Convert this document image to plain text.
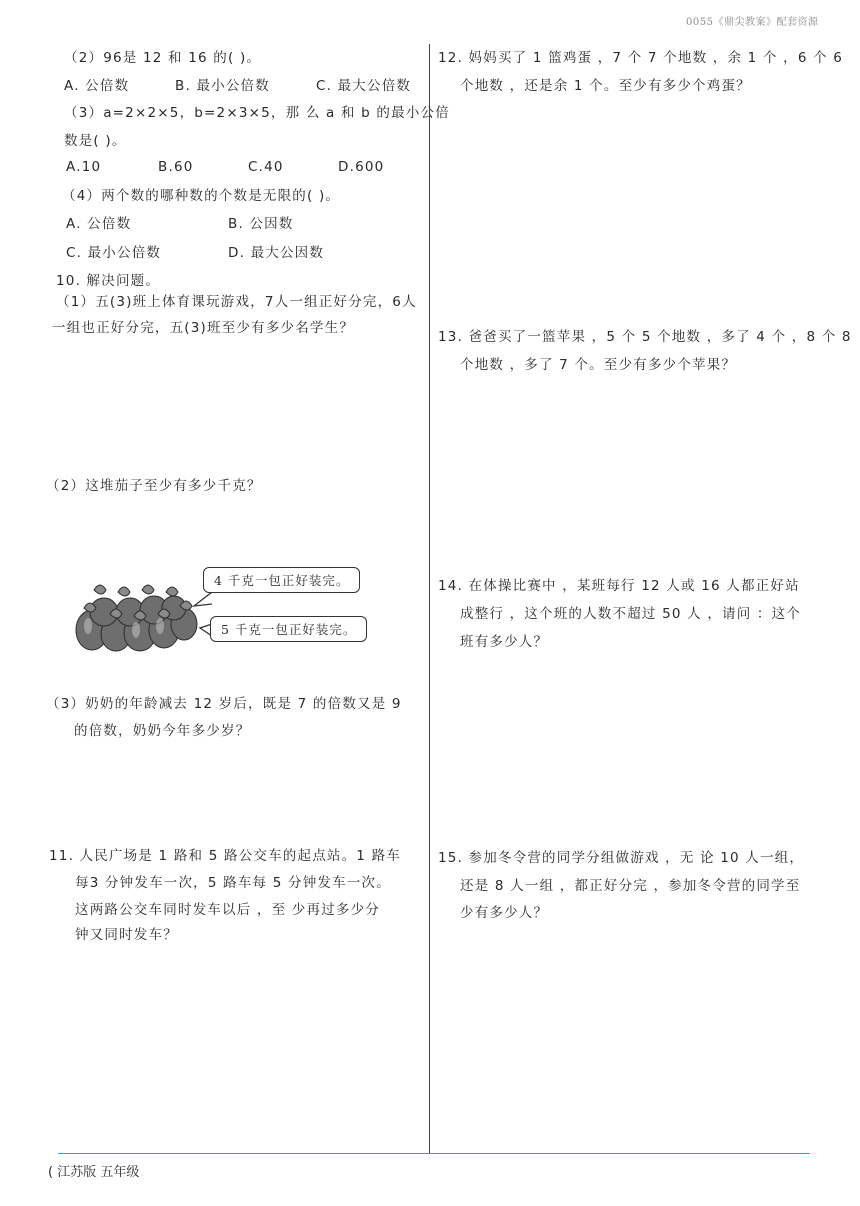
0055《鼎尖教案》配套资源
（2）96是 12 和 16 的( )。
A. 公倍数	B. 最小公倍数	C. 最大公倍数
（3）a=2×2×5，b=2×3×5，那 么 a 和 b 的最小公倍
数是( )。
A.10	B.60	C.40	D.600
（4）两个数的哪种数的个数是无限的( )。
A. 公倍数	B. 公因数
C. 最小公倍数	D. 最大公因数
10. 解决问题。
（1）五(3)班上体育课玩游戏，7人一组正好分完，6人
一组也正好分完，五(3)班至少有多少名学生？
（2）这堆茄子至少有多少千克？
4 千克一包正好装完。
5 千克一包正好装完。
（3）奶奶的年龄减去 12 岁后，既是 7 的倍数又是 9
的倍数，奶奶今年多少岁？
11. 人民广场是 1 路和 5 路公交车的起点站。1 路车
每3 分钟发车一次，5 路车每 5 分钟发车一次。
这两路公交车同时发车以后 ，至 少再过多少分
钟又同时发车？
12. 妈妈买了 1 篮鸡蛋 ，7 个 7 个地数 ，余 1 个 ，6 个 6
个地数 ，还是余 1 个。至少有多少个鸡蛋？
13. 爸爸买了一篮苹果 ，5 个 5 个地数 ，多了 4 个 ，8 个 8
个地数 ，多了 7 个。至少有多少个苹果？
14. 在体操比赛中 ，某班每行 12 人或 16 人都正好站
成整行 ，这个班的人数不超过 50 人 ，请问 ：这个
班有多少人？
15. 参加冬令营的同学分组做游戏 ，无 论 10 人一组，
还是 8 人一组 ，都正好分完 ，参加冬令营的同学至
少有多少人？
( 江苏版 五年级
